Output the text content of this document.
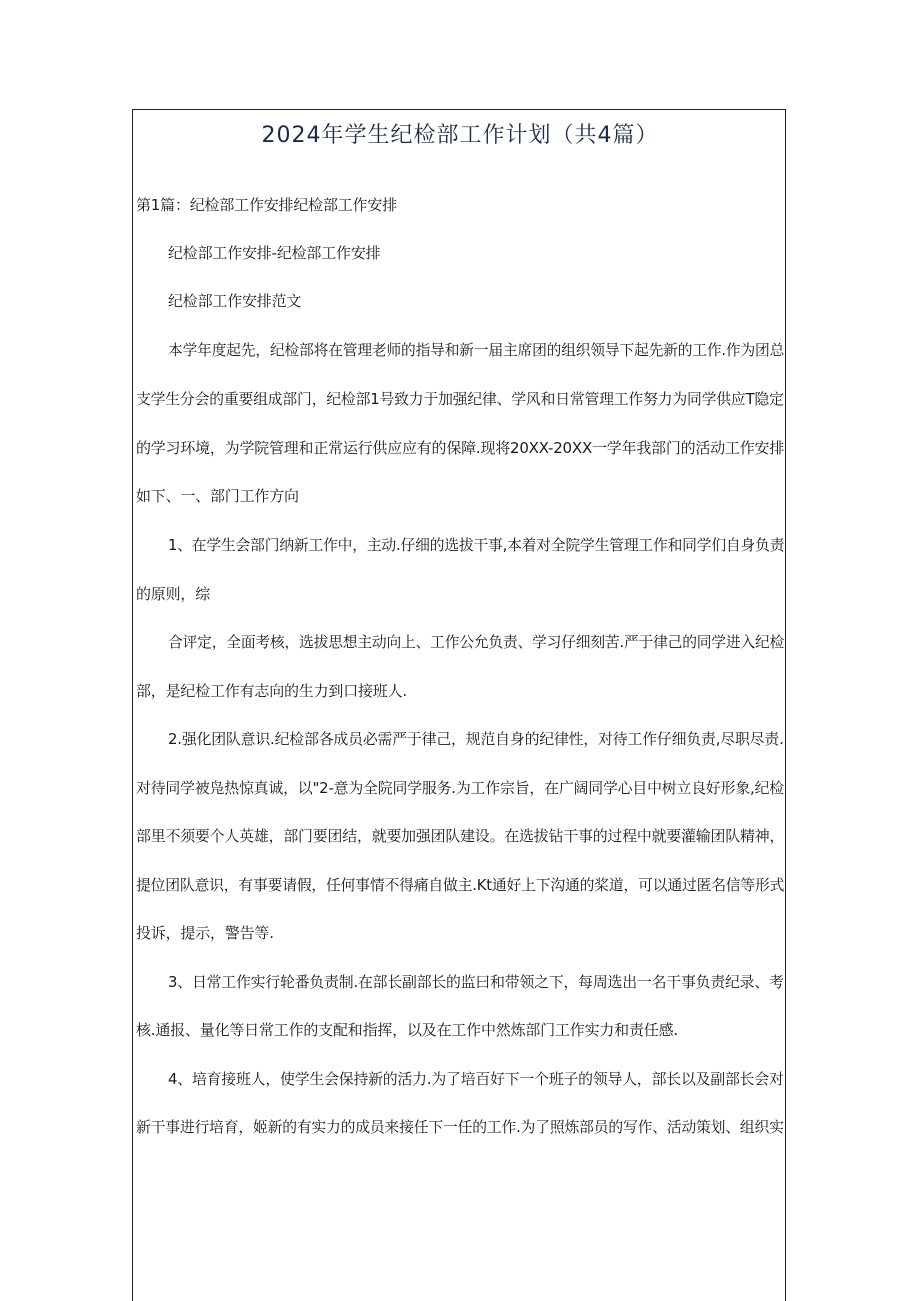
2024年学生纪检部工作计划（共4篇）
第1篇：纪检部工作安排纪检部工作安排
纪检部工作安排-纪检部工作安排
纪检部工作安排范文
本学年度起先，纪检部将在管理老师的指导和新一届主席团的组织领导下起先新的工作.作为团总
支学生分会的重要组成部门，纪检部1号致力于加强纪律、学风和日常管理工作努力为同学供应T隐定
的学习环境，为学院管理和正常运行供应应有的保障.现将20XX-20XX一学年我部门的活动工作安排
如下、一、部门工作方向
1、在学生会部门纳新工作中，主动.仔细的选拔干事,本着对全院学生管理工作和同学们自身负责
的原则，综
合评定，全面考核，选拔思想主动向上、工作公允负责、学习仔细刻苦.严于律己的同学进入纪检
部，是纪检工作有志向的生力到口接班人.
2.强化团队意识.纪检部各成员必需严于律己，规范自身的纪律性，对待工作仔细负责,尽职尽责.
对待同学被凫热惊真诚，以"2-意为全院同学服务.为工作宗旨，在广阔同学心目中树立良好形象,纪检
部里不须要个人英雄，部门要团结，就要加强团队建设。在选拔钻干事的过程中就要灌输团队精神，
提位团队意识，有事要请假，任何事情不得痛自做主.Kt通好上下沟通的桨道，可以通过匿名信等形式
投诉，提示，警告等.
3、日常工作实行轮番负责制.在部长副部长的监曰和带领之下，每周选出一名干事负责纪录、考
核.通报、量化等日常工作的支配和指挥，以及在工作中然炼部门工作实力和责任感.
4、培育接班人，使学生会保持新的活力.为了培百好下一个班子的领导人，部长以及副部长会对
新干事进行培育，姬新的有实力的成员来接任下一任的工作.为了照炼部员的写作、活动策划、组织实
